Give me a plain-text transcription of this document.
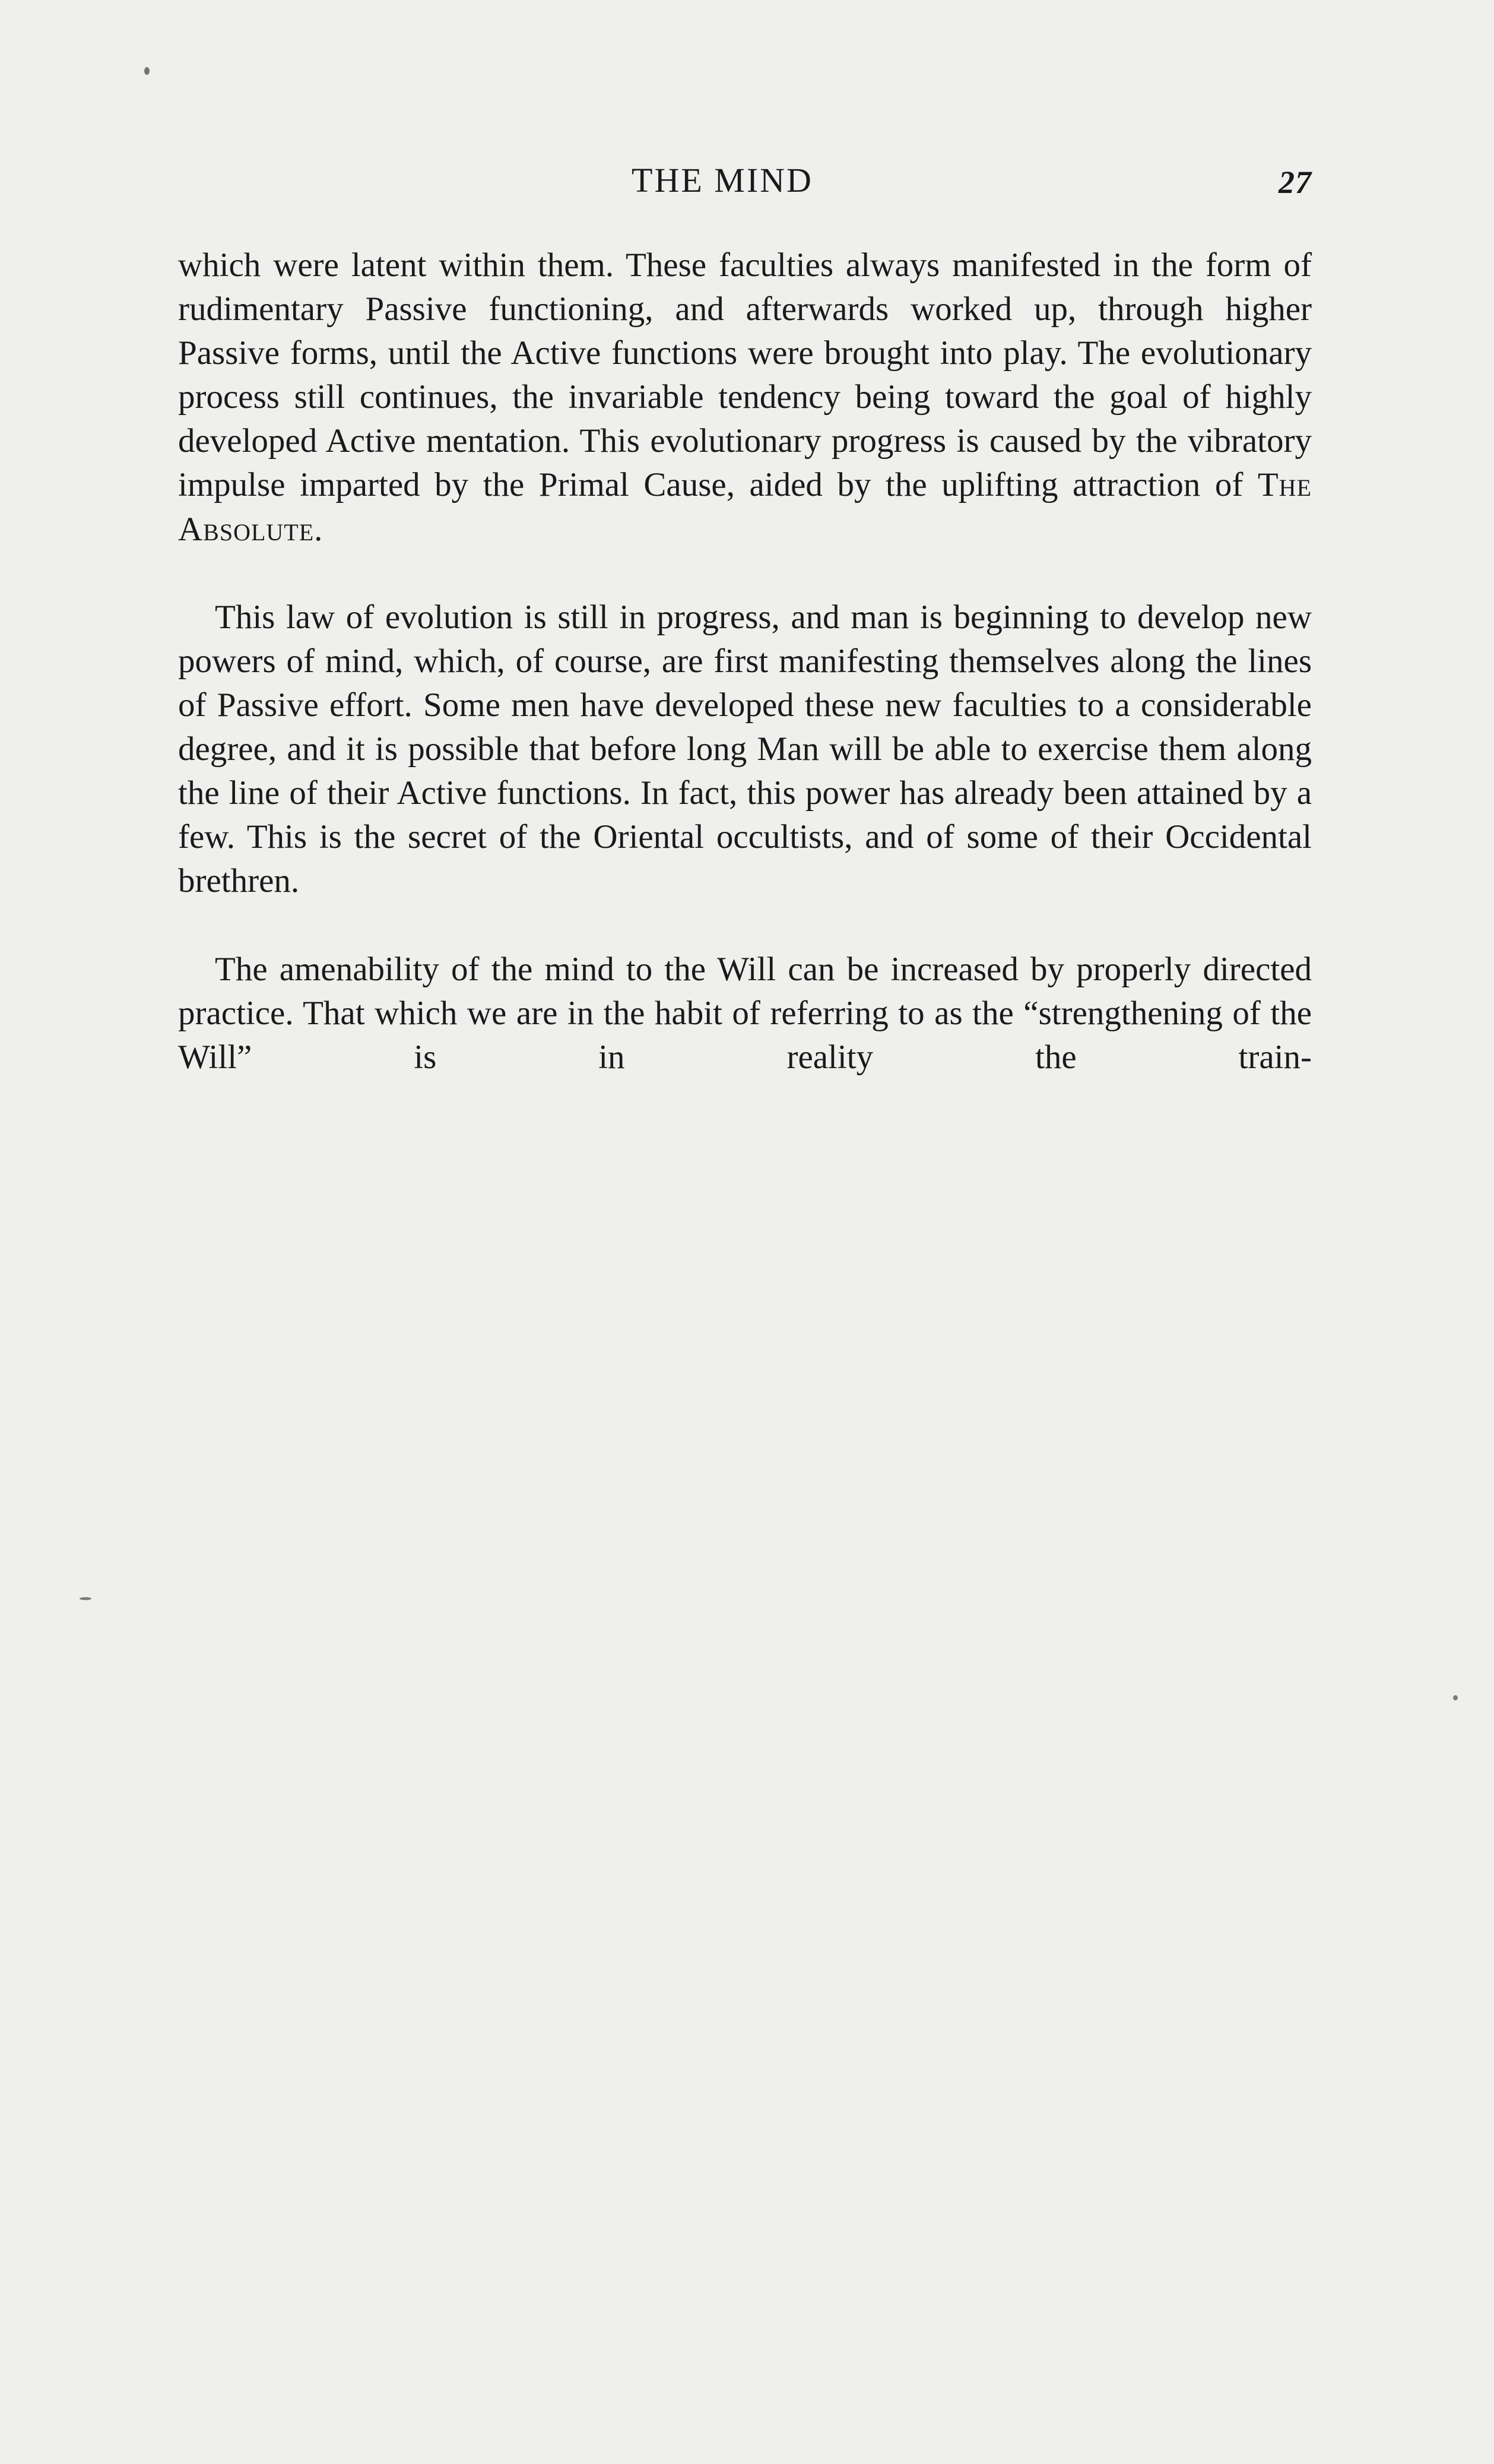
THE MIND	27

which were latent within them. These faculties always manifested in the form of rudimentary Passive functioning, and afterwards worked up, through higher Passive forms, until the Active functions were brought into play. The evolutionary process still continues, the invariable tendency being toward the goal of highly developed Active mentation. This evolutionary progress is caused by the vibratory impulse imparted by the Primal Cause, aided by the uplifting attraction of The Absolute.

This law of evolution is still in progress, and man is beginning to develop new powers of mind, which, of course, are first manifesting themselves along the lines of Passive effort. Some men have developed these new faculties to a considerable degree, and it is possible that before long Man will be able to exercise them along the line of their Active functions. In fact, this power has already been attained by a few. This is the secret of the Oriental occultists, and of some of their Occidental brethren.

The amenability of the mind to the Will can be increased by properly directed practice. That which we are in the habit of referring to as the “strengthening of the Will” is in reality the train-
